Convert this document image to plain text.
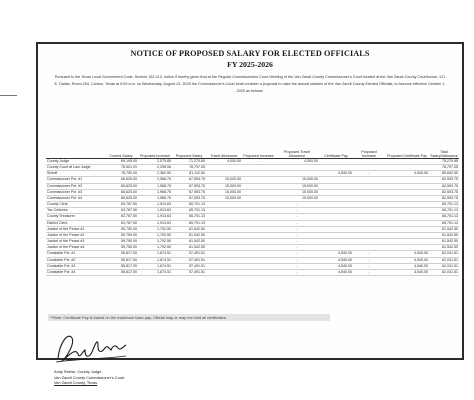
NOTICE OF PROPOSED SALARY FOR ELECTED OFFICIALS
FY 2025-2026
Pursuant to the Texas Local Government Code, Section 152.013, notice if hereby given that at the Regular Commissioners Court Meeting of the Van Zandt County Commissioner's Court located at the Van Zandt County Courthouse, 121 E. Dallas, Room 204, Canton, Texas at 9:00 a.m. on Wednesday, August 13, 2025 the Commissioner's Court shall consider a proposal to raise the annual salaries of the Van Zandt County Elected Officials, to become effective October 1, 2025 as follows:
	Current Salary	Proposed Increase	Proposed Salary	Travel Allowance	Proposed Increase	Proposed Travel Allowance	Certificate Pay	Proposed Increase	Proposed Certificate Pay	Total Salary/Allowance
County Judge	69,195.00	2,075.85	71,270.85	4,000.00	-	4,000.00				75,270.85
County Court at Law Judge	76,501.91	2,295.06	78,797.05							78,797.05
Sheriff	78,750.00	2,362.50	81,112.50				4,540.00	-	4,540.00	85,652.50
Commissioner Pct. #1	65,625.00	1,968.75	67,593.75	15,000.00		15,000.00				82,593.75
Commissioner Pct. #2	65,625.00	1,968.75	67,593.75	15,000.00		15,000.00				82,593.75
Commissioner Pct. #3	65,625.00	1,968.75	67,593.75	15,000.00		15,000.00				82,593.75
Commissioner Pct. #4	65,625.00	1,968.75	67,593.75	15,000.00		15,000.00				82,593.75
County Clerk	63,787.50	1,913.63	65,701.13			-				65,701.13
Tax Collector	63,787.50	1,913.63	65,701.13			-				65,701.13
County Treasurer	63,787.50	1,913.63	65,701.13			-				65,701.13
District Clerk	63,787.50	1,913.63	65,701.13			-				65,701.13
Justice of the Peace #1	59,750.00	1,792.50	61,542.50			-				61,542.50
Justice of the Peace #2	59,750.00	1,792.50	61,542.50			-				61,542.50
Justice of the Peace #3	59,750.00	1,792.50	61,542.50			-				61,542.50
Justice of the Peace #4	59,750.00	1,792.50	61,542.50			-				61,542.50
Constable Pct. #1	55,817.00	1,674.51	57,491.51			-	4,540.00	-	4,540.00	62,031.51
Constable Pct. #2	55,817.00	1,674.51	57,491.51			-	4,540.00	-	4,540.00	62,031.51
Constable Pct. #3	55,817.00	1,674.51	57,491.51			-	4,540.00	-	4,540.00	62,031.51
Constable Pct. #4	55,817.00	1,674.51	57,491.51			-	4,540.00	-	4,540.00	62,031.51
**Note: Certificate Pay is based on the maximum base pay. Official may or may not hold all certificates.
Andy Reese, County Judge
Van Zandt County Commissioner's Court
Van Zandt County, Texas
